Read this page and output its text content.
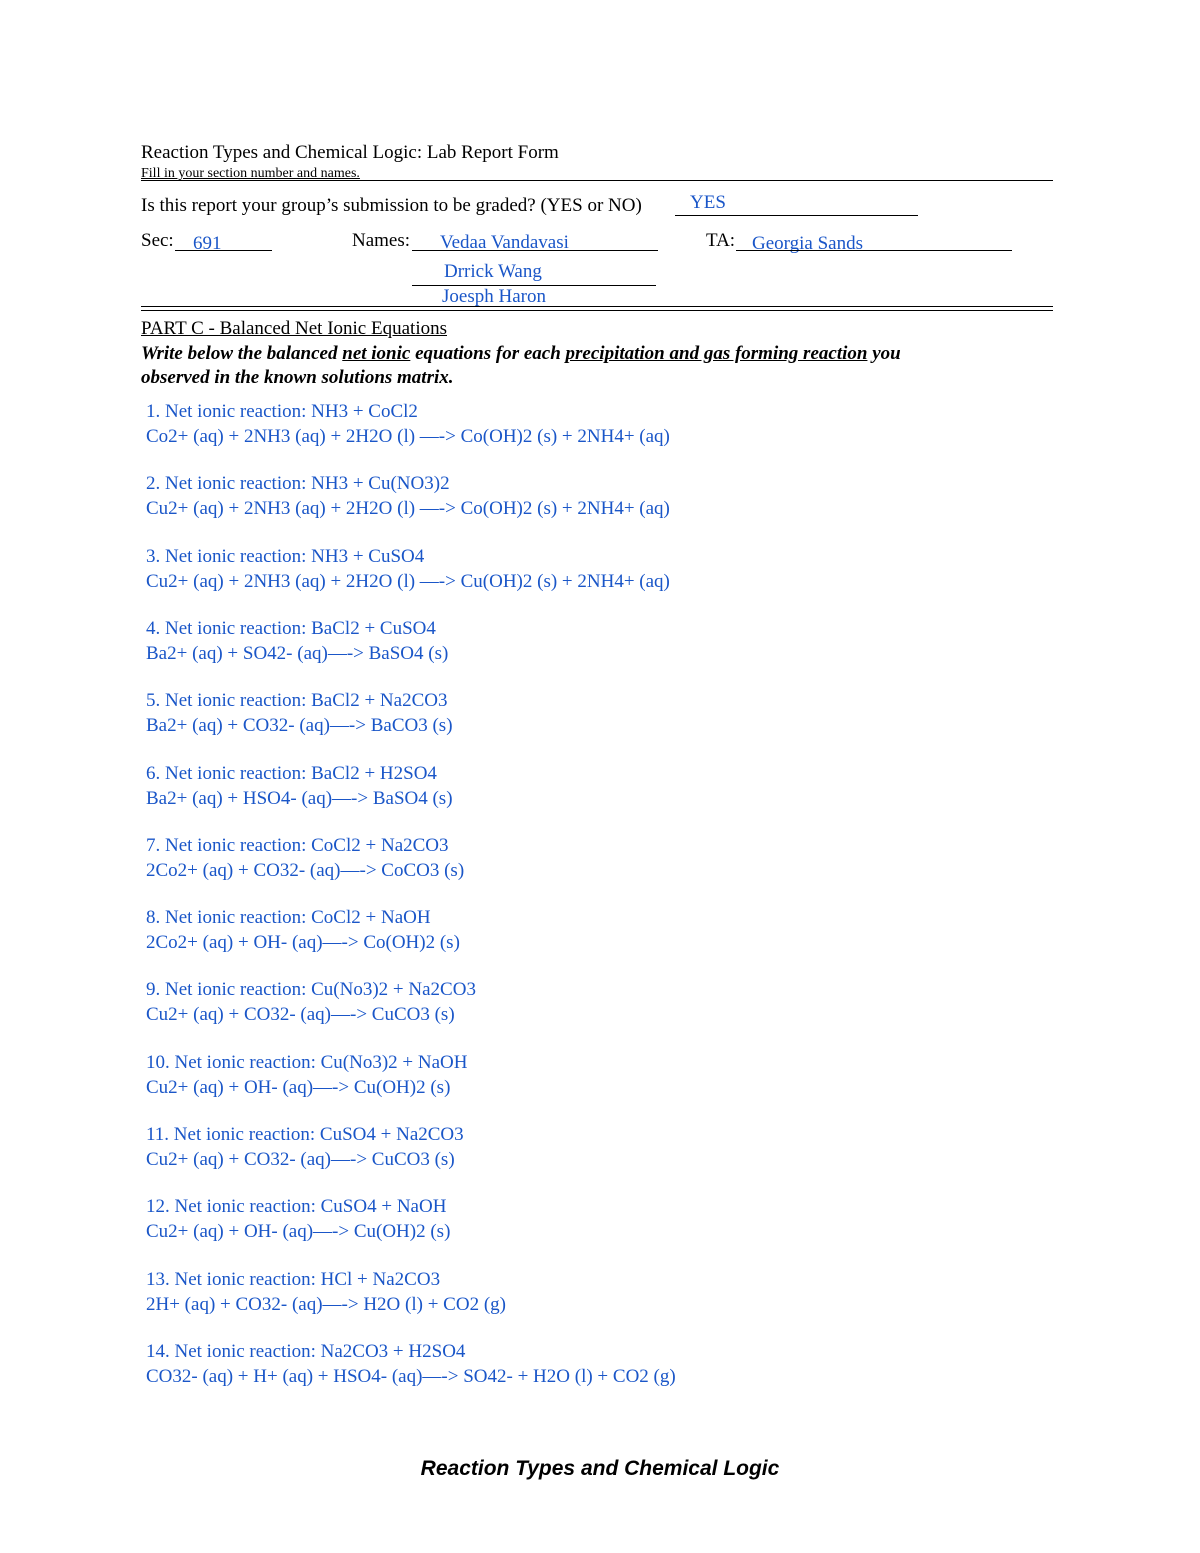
Reaction Types and Chemical Logic: Lab Report Form
Fill in your section number and names.
Is this report your group’s submission to be graded? (YES or NO)	YES
Sec: 691	Names: Vedaa Vandavasi
Drrick Wang
Joesph Haron
TA: Georgia Sands
PART C - Balanced Net Ionic Equations
Write below the balanced net ionic equations for each precipitation and gas forming reaction you
observed in the known solutions matrix.
1. Net ionic reaction: NH3 + CoCl2
Co2+ (aq) + 2NH3 (aq) + 2H2O (l) —-> Co(OH)2 (s) + 2NH4+ (aq)
2. Net ionic reaction: NH3 + Cu(NO3)2
Cu2+ (aq) + 2NH3 (aq) + 2H2O (l) —-> Co(OH)2 (s) + 2NH4+ (aq)
3. Net ionic reaction: NH3 + CuSO4
Cu2+ (aq) + 2NH3 (aq) + 2H2O (l) —-> Cu(OH)2 (s) + 2NH4+ (aq)
4. Net ionic reaction: BaCl2 + CuSO4
Ba2+ (aq) + SO42- (aq)—-> BaSO4 (s)
5. Net ionic reaction: BaCl2 + Na2CO3
Ba2+ (aq) + CO32- (aq)—-> BaCO3 (s)
6. Net ionic reaction: BaCl2 + H2SO4
Ba2+ (aq) + HSO4- (aq)—-> BaSO4 (s)
7. Net ionic reaction: CoCl2 + Na2CO3
2Co2+ (aq) + CO32- (aq)—-> CoCO3 (s)
8. Net ionic reaction: CoCl2 + NaOH
2Co2+ (aq) + OH- (aq)—-> Co(OH)2 (s)
9. Net ionic reaction: Cu(No3)2 + Na2CO3
Cu2+ (aq) + CO32- (aq)—-> CuCO3 (s)
10. Net ionic reaction: Cu(No3)2 + NaOH
Cu2+ (aq) + OH- (aq)—-> Cu(OH)2 (s)
11. Net ionic reaction: CuSO4 + Na2CO3
Cu2+ (aq) + CO32- (aq)—-> CuCO3 (s)
12. Net ionic reaction: CuSO4 + NaOH
Cu2+ (aq) + OH- (aq)—-> Cu(OH)2 (s)
13. Net ionic reaction: HCl + Na2CO3
2H+ (aq) + CO32- (aq)—-> H2O (l) + CO2 (g)
14. Net ionic reaction: Na2CO3 + H2SO4
CO32- (aq) + H+ (aq) + HSO4- (aq)—-> SO42- + H2O (l) + CO2 (g)
Reaction Types and Chemical Logic
